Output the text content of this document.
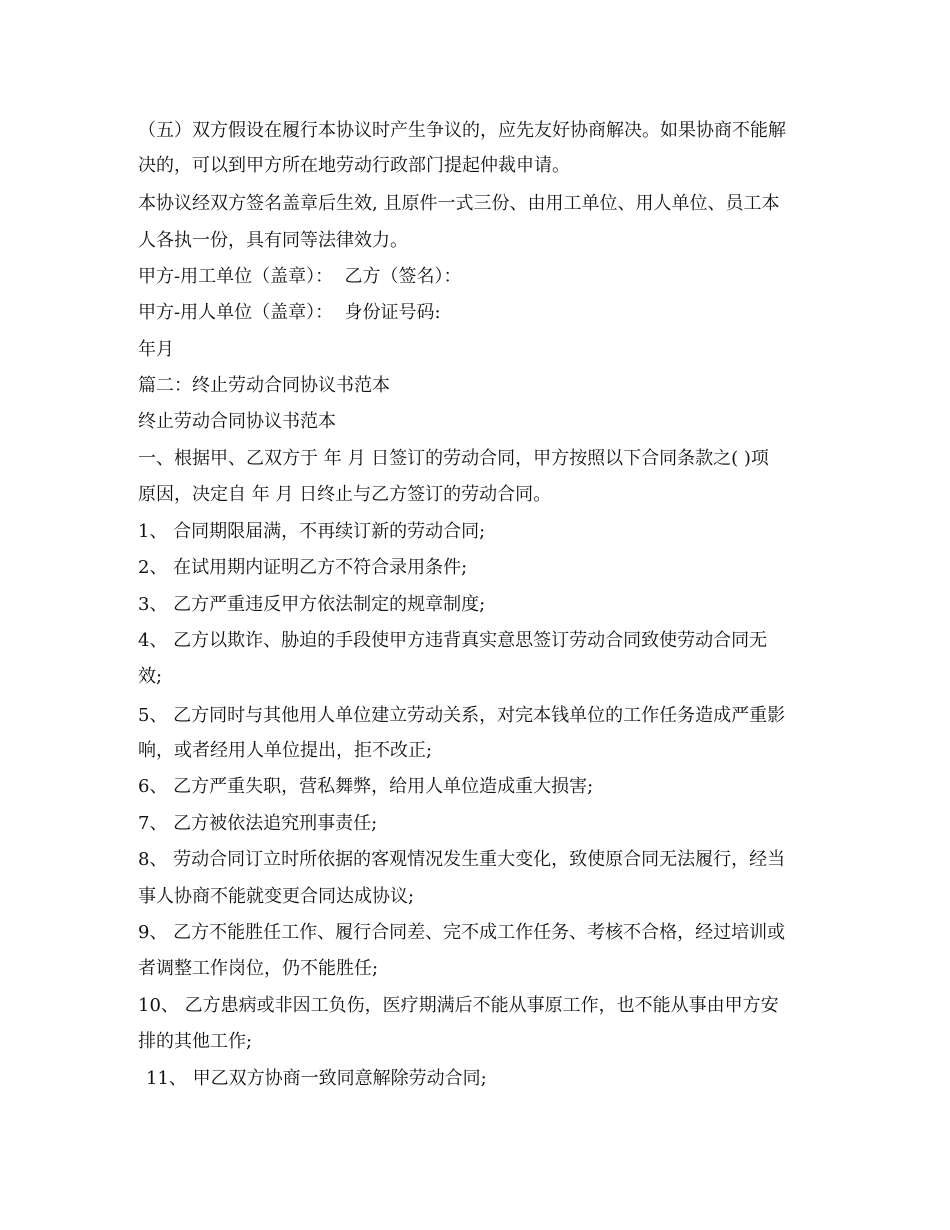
（五）双方假设在履行本协议时产生争议的，应先友好协商解决。如果协商不能解
决的，可以到甲方所在地劳动行政部门提起仲裁申请。
本协议经双方签名盖章后生效, 且原件一式三份、由用工单位、用人单位、员工本
人各执一份，具有同等法律效力。
甲方-用工单位（盖章）：  乙方（签名）：
甲方-用人单位（盖章）：  身份证号码:
年月
篇二：终止劳动合同协议书范本
终止劳动合同协议书范本
一、根据甲、乙双方于 年 月 日签订的劳动合同，甲方按照以下合同条款之( )项
原因，决定自 年 月 日终止与乙方签订的劳动合同。
1、 合同期限届满，不再续订新的劳动合同;
2、 在试用期内证明乙方不符合录用条件;
3、 乙方严重违反甲方依法制定的规章制度;
4、 乙方以欺诈、胁迫的手段使甲方违背真实意思签订劳动合同致使劳动合同无
效;
5、 乙方同时与其他用人单位建立劳动关系，对完本钱单位的工作任务造成严重影
响，或者经用人单位提出，拒不改正;
6、 乙方严重失职，营私舞弊，给用人单位造成重大损害;
7、 乙方被依法追究刑事责任;
8、 劳动合同订立时所依据的客观情况发生重大变化，致使原合同无法履行，经当
事人协商不能就变更合同达成协议;
9、 乙方不能胜任工作、履行合同差、完不成工作任务、考核不合格，经过培训或
者调整工作岗位，仍不能胜任;
10、 乙方患病或非因工负伤，医疗期满后不能从事原工作，也不能从事由甲方安
排的其他工作;
11、 甲乙双方协商一致同意解除劳动合同;
